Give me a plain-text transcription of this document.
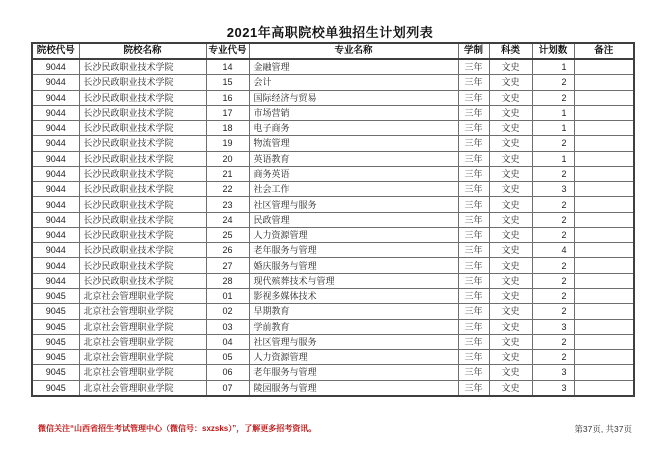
2021年高职院校单独招生计划列表
院校代号	院校名称	专业代号	专业名称	学制	科类	计划数	备注
9044	长沙民政职业技术学院	14	金融管理	三年	文史	1	
9044	长沙民政职业技术学院	15	会计	三年	文史	2	
9044	长沙民政职业技术学院	16	国际经济与贸易	三年	文史	2	
9044	长沙民政职业技术学院	17	市场营销	三年	文史	1	
9044	长沙民政职业技术学院	18	电子商务	三年	文史	1	
9044	长沙民政职业技术学院	19	物流管理	三年	文史	2	
9044	长沙民政职业技术学院	20	英语教育	三年	文史	1	
9044	长沙民政职业技术学院	21	商务英语	三年	文史	2	
9044	长沙民政职业技术学院	22	社会工作	三年	文史	3	
9044	长沙民政职业技术学院	23	社区管理与服务	三年	文史	2	
9044	长沙民政职业技术学院	24	民政管理	三年	文史	2	
9044	长沙民政职业技术学院	25	人力资源管理	三年	文史	2	
9044	长沙民政职业技术学院	26	老年服务与管理	三年	文史	4	
9044	长沙民政职业技术学院	27	婚庆服务与管理	三年	文史	2	
9044	长沙民政职业技术学院	28	现代殡葬技术与管理	三年	文史	2	
9045	北京社会管理职业学院	01	影视多媒体技术	三年	文史	2	
9045	北京社会管理职业学院	02	早期教育	三年	文史	2	
9045	北京社会管理职业学院	03	学前教育	三年	文史	3	
9045	北京社会管理职业学院	04	社区管理与服务	三年	文史	2	
9045	北京社会管理职业学院	05	人力资源管理	三年	文史	2	
9045	北京社会管理职业学院	06	老年服务与管理	三年	文史	3	
9045	北京社会管理职业学院	07	陵园服务与管理	三年	文史	3	
微信关注“山西省招生考试管理中心（微信号：sxzsks）”，了解更多招考资讯。	第37页, 共37页
